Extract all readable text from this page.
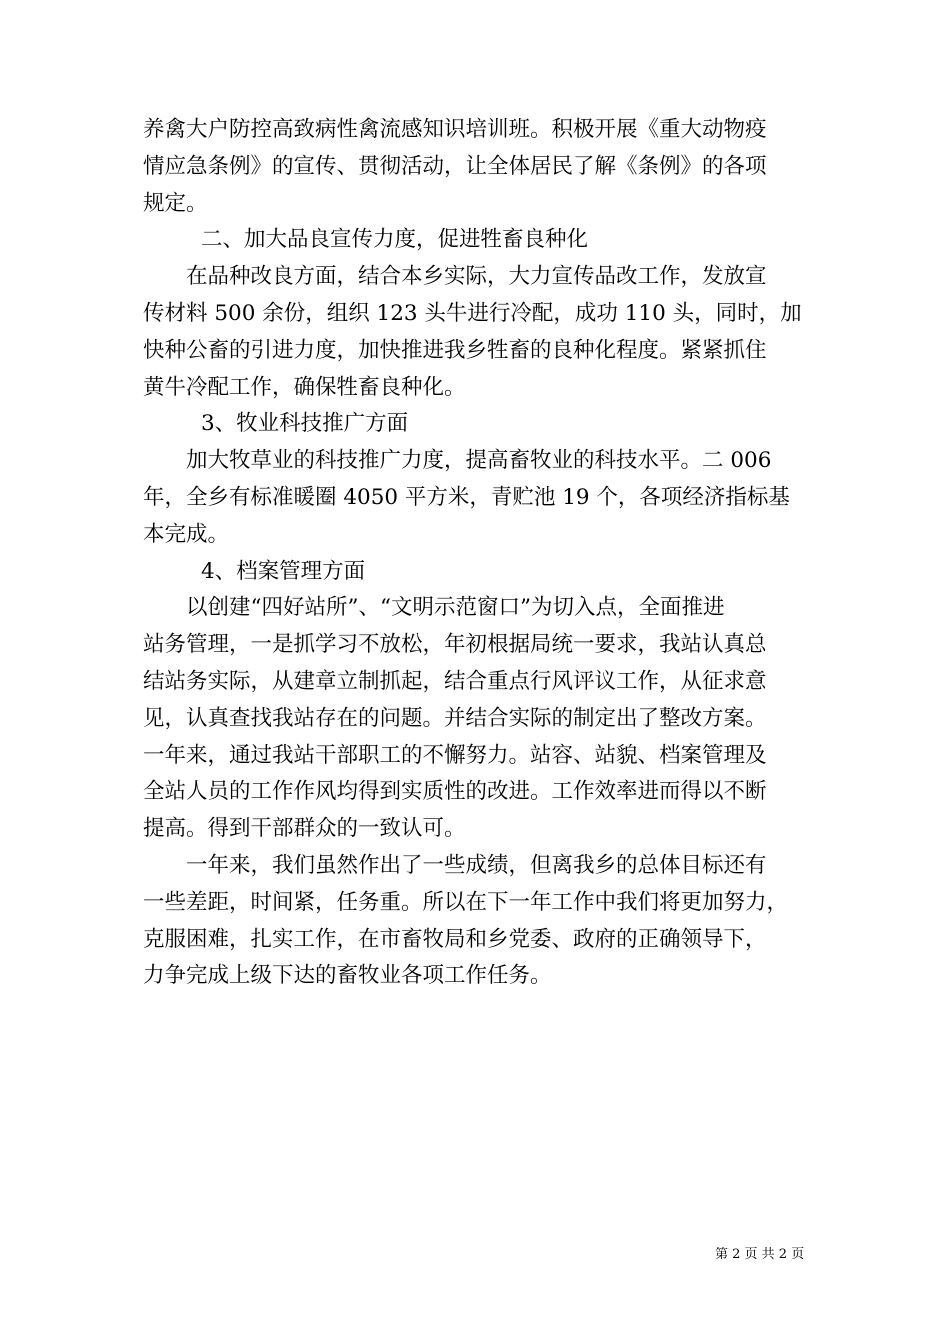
养禽大户防控高致病性禽流感知识培训班。积极开展《重大动物疫

情应急条例》的宣传、贯彻活动，让全体居民了解《条例》的各项

规定。

二、加大品良宣传力度，促进牲畜良种化

在品种改良方面，结合本乡实际，大力宣传品改工作，发放宣

传材料 500 余份，组织 123 头牛进行冷配，成功 110 头，同时，加

快种公畜的引进力度，加快推进我乡牲畜的良种化程度。紧紧抓住

黄牛冷配工作，确保牲畜良种化。

3、牧业科技推广方面

加大牧草业的科技推广力度，提高畜牧业的科技水平。二 006

年，全乡有标准暖圈 4050 平方米，青贮池 19 个，各项经济指标基

本完成。

4、档案管理方面

以创建“四好站所”、“文明示范窗口”为切入点，全面推进

站务管理，一是抓学习不放松，年初根据局统一要求，我站认真总

结站务实际，从建章立制抓起，结合重点行风评议工作，从征求意

见，认真查找我站存在的问题。并结合实际的制定出了整改方案。

一年来，通过我站干部职工的不懈努力。站容、站貌、档案管理及

全站人员的工作作风均得到实质性的改进。工作效率进而得以不断

提高。得到干部群众的一致认可。

一年来，我们虽然作出了一些成绩，但离我乡的总体目标还有

一些差距，时间紧，任务重。所以在下一年工作中我们将更加努力，

克服困难，扎实工作，在市畜牧局和乡党委、政府的正确领导下，

力争完成上级下达的畜牧业各项工作任务。

第 2 页 共 2 页
